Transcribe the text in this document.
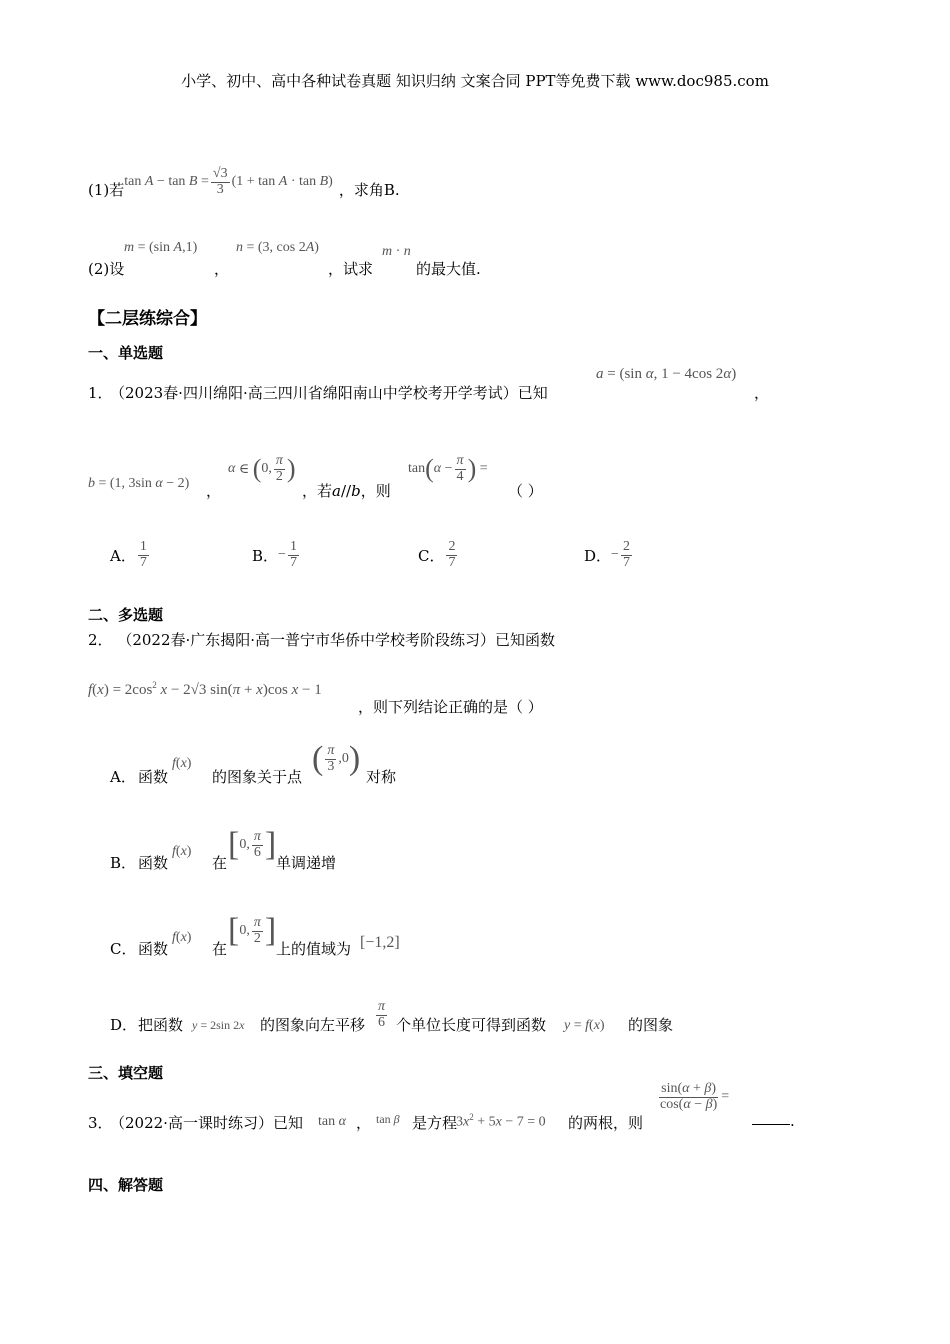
小学、初中、高中各种试卷真题 知识归纳 文案合同 PPT等免费下载 www.doc985.com
(1)若 $\tan A - \tan B = \frac{√3}{3} (1 + \tan A \cdot \tan B$ ) ，求角B.
(2)设
m = (sin A,1)
，
n = (3, cos 2A)
，试求
m · n
的最大值.
【二层练综合】
一、单选题
1．
（2023春·四川绵阳·高三四川省绵阳南山中学校考开学考试）已知
a = (sin α, 1 − 4cos 2α)
，
b = (1, 3sin α − 2) ，
α ∈ ( 0, $\frac{\pi}{2}$ )
，若a//b，则
tan ( $\alpha - \frac{\pi}{4}$ ) =
（ ）
A． $\frac{1}{7}$	B． − $\frac{1}{7}$	C． $\frac{2}{7}$	D． − $\frac{2}{7}$
二、多选题
2． （2022春·广东揭阳·高一普宁市华侨中学校考阶段练习）已知函数
$f(x) = 2\cos^2$ x − 2√3 sin(π + x)cos x − 1
，则下列结论正确的是（ ）
A． 函数
f(x)
的图象关于点 ( $\frac{\pi}{3} ,0$ ) 对称
B． 函数
f(x)
在 [ 0, $\frac{\pi}{6}$ ] 单调递增
C． 函数
f(x)
在 [ 0, $\frac{\pi}{2}$ ] 上的值域为 [−1,2]
D． 把函数 y = 2sin 2x 的图象向左平移 $\frac{\pi}{6}$ 个单位长度可得到函数 y = f(x) 的图象
三、填空题
3．
（2022·高一课时练习）已知 tan α ， tan β 是方程
$3x^2 + 5x - 7 = 0$ 的两根，则
$\frac{\sin(\alpha + \beta)}{\cos(\alpha - \beta)}$ =
.
四、解答题
